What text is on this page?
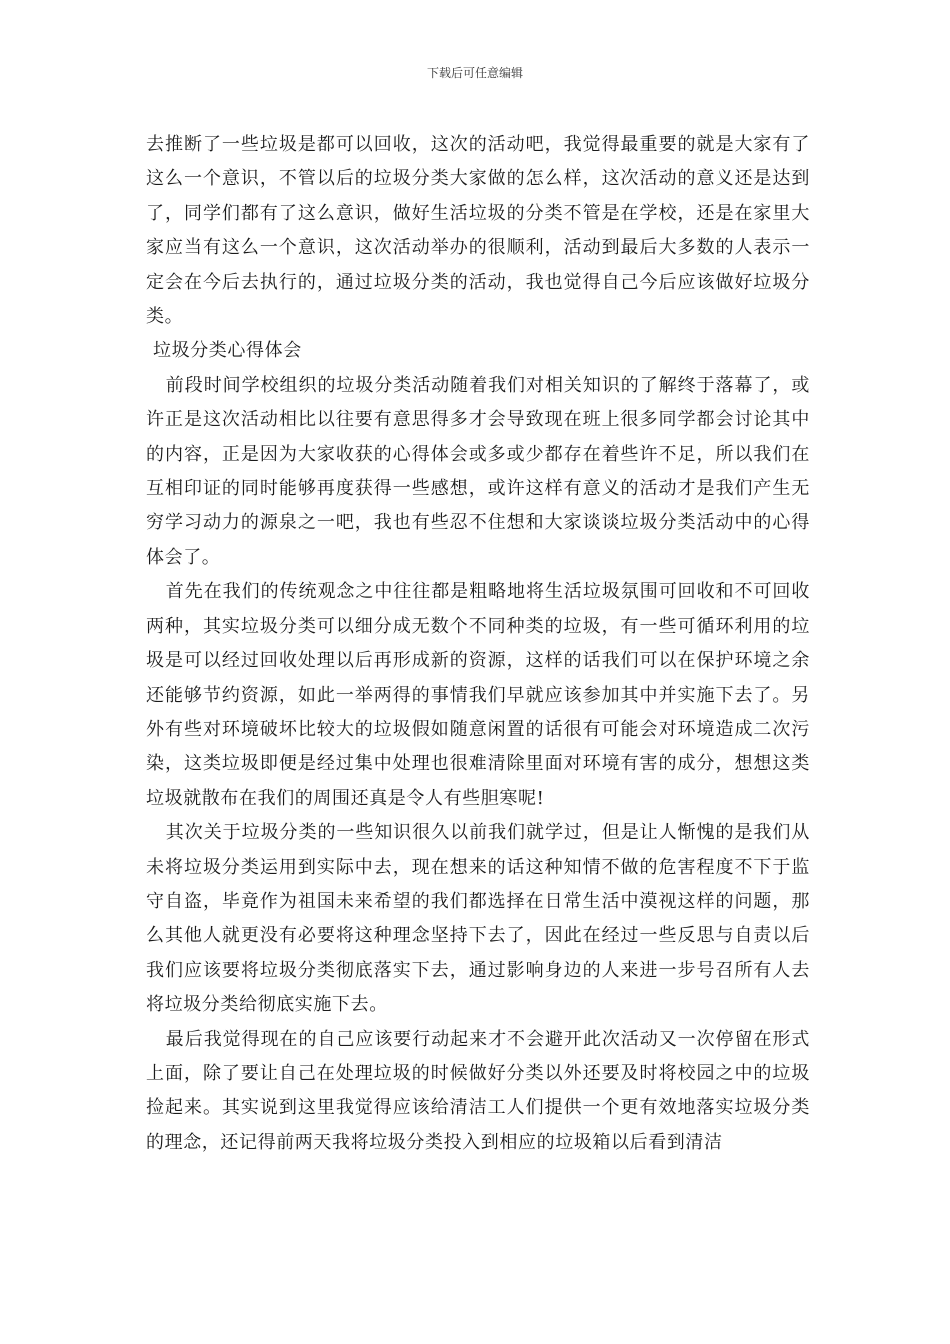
下载后可任意编辑

去推断了一些垃圾是都可以回收，这次的活动吧，我觉得最重要的就是大家有了这么一个意识，不管以后的垃圾分类大家做的怎么样，这次活动的意义还是达到了，同学们都有了这么意识，做好生活垃圾的分类不管是在学校，还是在家里大家应当有这么一个意识，这次活动举办的很顺利，活动到最后大多数的人表示一定会在今后去执行的，通过垃圾分类的活动，我也觉得自己今后应该做好垃圾分类。

垃圾分类心得体会

前段时间学校组织的垃圾分类活动随着我们对相关知识的了解终于落幕了，或许正是这次活动相比以往要有意思得多才会导致现在班上很多同学都会讨论其中的内容，正是因为大家收获的心得体会或多或少都存在着些许不足，所以我们在互相印证的同时能够再度获得一些感想，或许这样有意义的活动才是我们产生无穷学习动力的源泉之一吧，我也有些忍不住想和大家谈谈垃圾分类活动中的心得体会了。

首先在我们的传统观念之中往往都是粗略地将生活垃圾氛围可回收和不可回收两种，其实垃圾分类可以细分成无数个不同种类的垃圾，有一些可循环利用的垃圾是可以经过回收处理以后再形成新的资源，这样的话我们可以在保护环境之余还能够节约资源，如此一举两得的事情我们早就应该参加其中并实施下去了。另外有些对环境破坏比较大的垃圾假如随意闲置的话很有可能会对环境造成二次污染，这类垃圾即便是经过集中处理也很难清除里面对环境有害的成分，想想这类垃圾就散布在我们的周围还真是令人有些胆寒呢!

其次关于垃圾分类的一些知识很久以前我们就学过，但是让人惭愧的是我们从未将垃圾分类运用到实际中去，现在想来的话这种知情不做的危害程度不下于监守自盗，毕竟作为祖国未来希望的我们都选择在日常生活中漠视这样的问题，那么其他人就更没有必要将这种理念坚持下去了，因此在经过一些反思与自责以后我们应该要将垃圾分类彻底落实下去，通过影响身边的人来进一步号召所有人去将垃圾分类给彻底实施下去。

最后我觉得现在的自己应该要行动起来才不会避开此次活动又一次停留在形式上面，除了要让自己在处理垃圾的时候做好分类以外还要及时将校园之中的垃圾捡起来。其实说到这里我觉得应该给清洁工人们提供一个更有效地落实垃圾分类的理念，还记得前两天我将垃圾分类投入到相应的垃圾箱以后看到清洁
